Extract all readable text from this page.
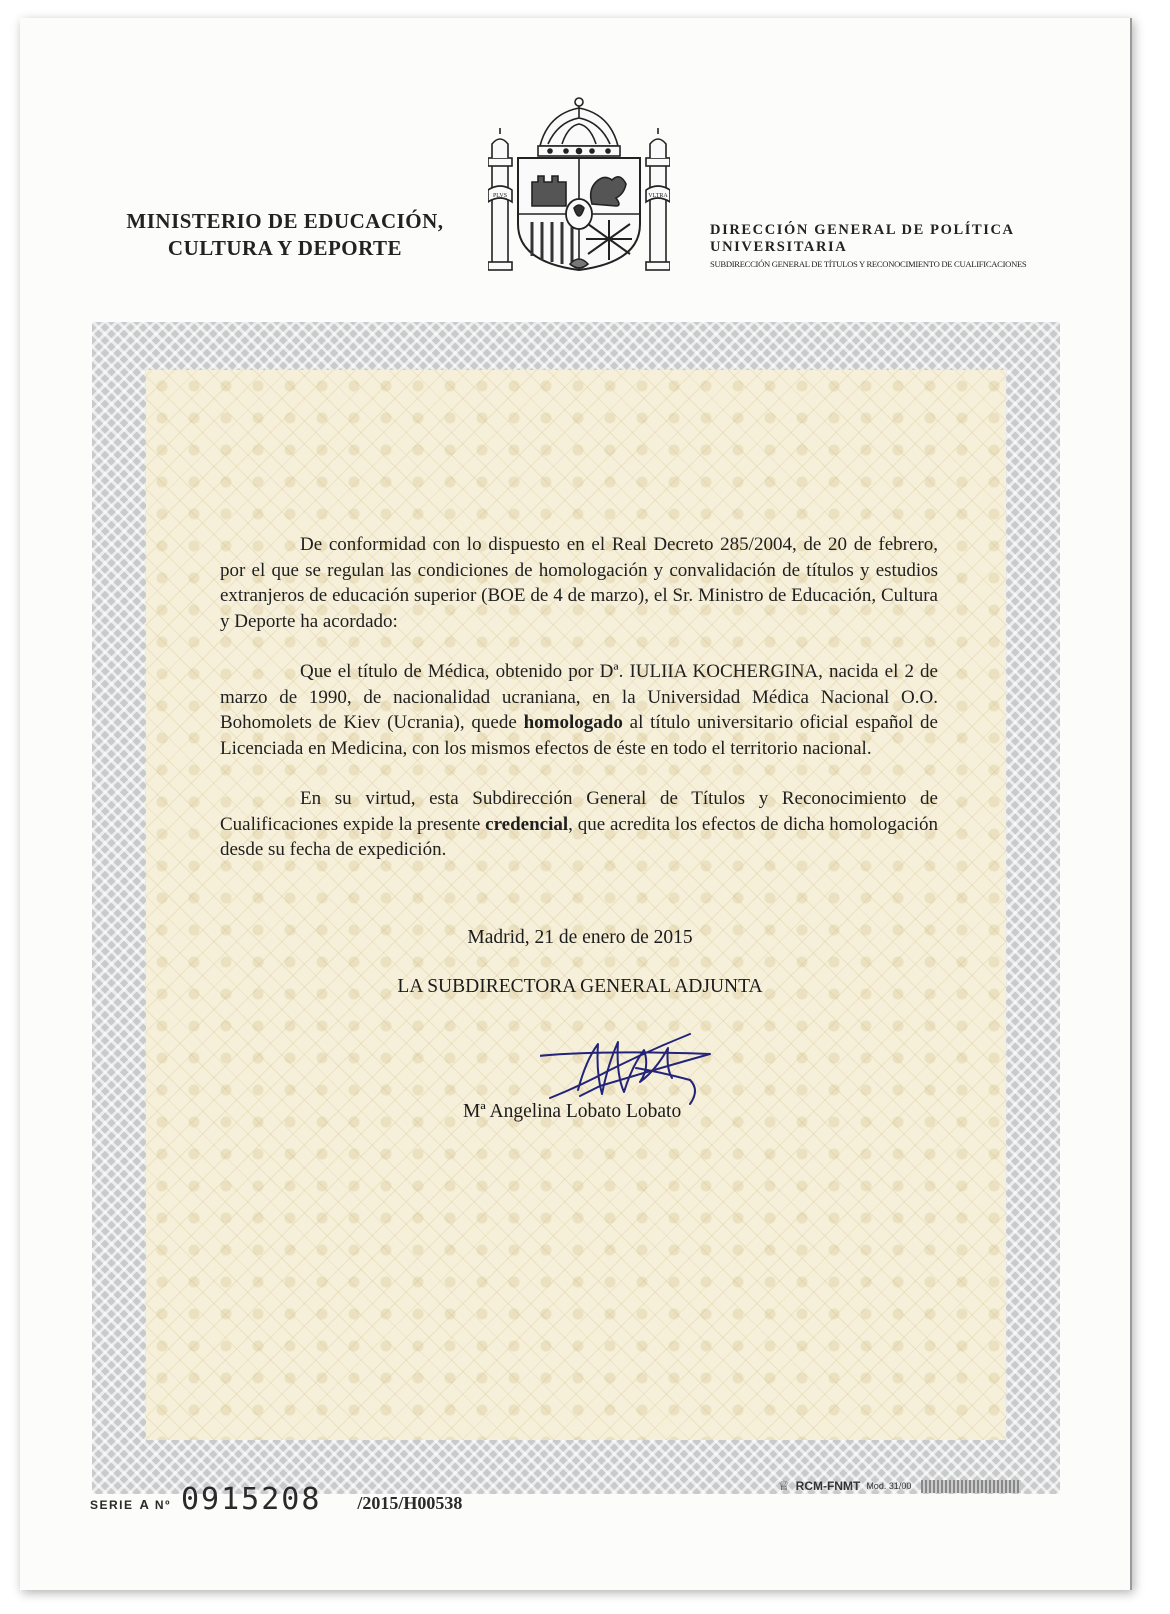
MINISTERIO DE EDUCACIÓN,
CULTURA Y DEPORTE
PLVS	VLTRA
DIRECCIÓN GENERAL DE POLÍTICA
UNIVERSITARIA
SUBDIRECCIÓN GENERAL DE TÍTULOS Y RECONOCIMIENTO DE CUALIFICACIONES

De conformidad con lo dispuesto en el Real Decreto 285/2004, de 20 de febrero, por el que se regulan las condiciones de homologación y convalidación de títulos y estudios extranjeros de educación superior (BOE de 4 de marzo), el Sr. Ministro de Educación, Cultura y Deporte ha acordado:

Que el título de Médica, obtenido por Dª. IULIIA KOCHERGINA, nacida el 2 de marzo de 1990, de nacionalidad ucraniana, en la Universidad Médica Nacional O.O. Bohomolets de Kiev (Ucrania), quede homologado al título universitario oficial español de Licenciada en Medicina, con los mismos efectos de éste en todo el territorio nacional.

En su virtud, esta Subdirección General de Títulos y Reconocimiento de Cualificaciones expide la presente credencial, que acredita los efectos de dicha homologación desde su fecha de expedición.

Madrid, 21 de enero de 2015
LA SUBDIRECTORA GENERAL ADJUNTA
Mª Angelina Lobato Lobato
SERIE A Nº 0915208 /2015/H00538
♕ RCM-FNMT Mod. 31/00
